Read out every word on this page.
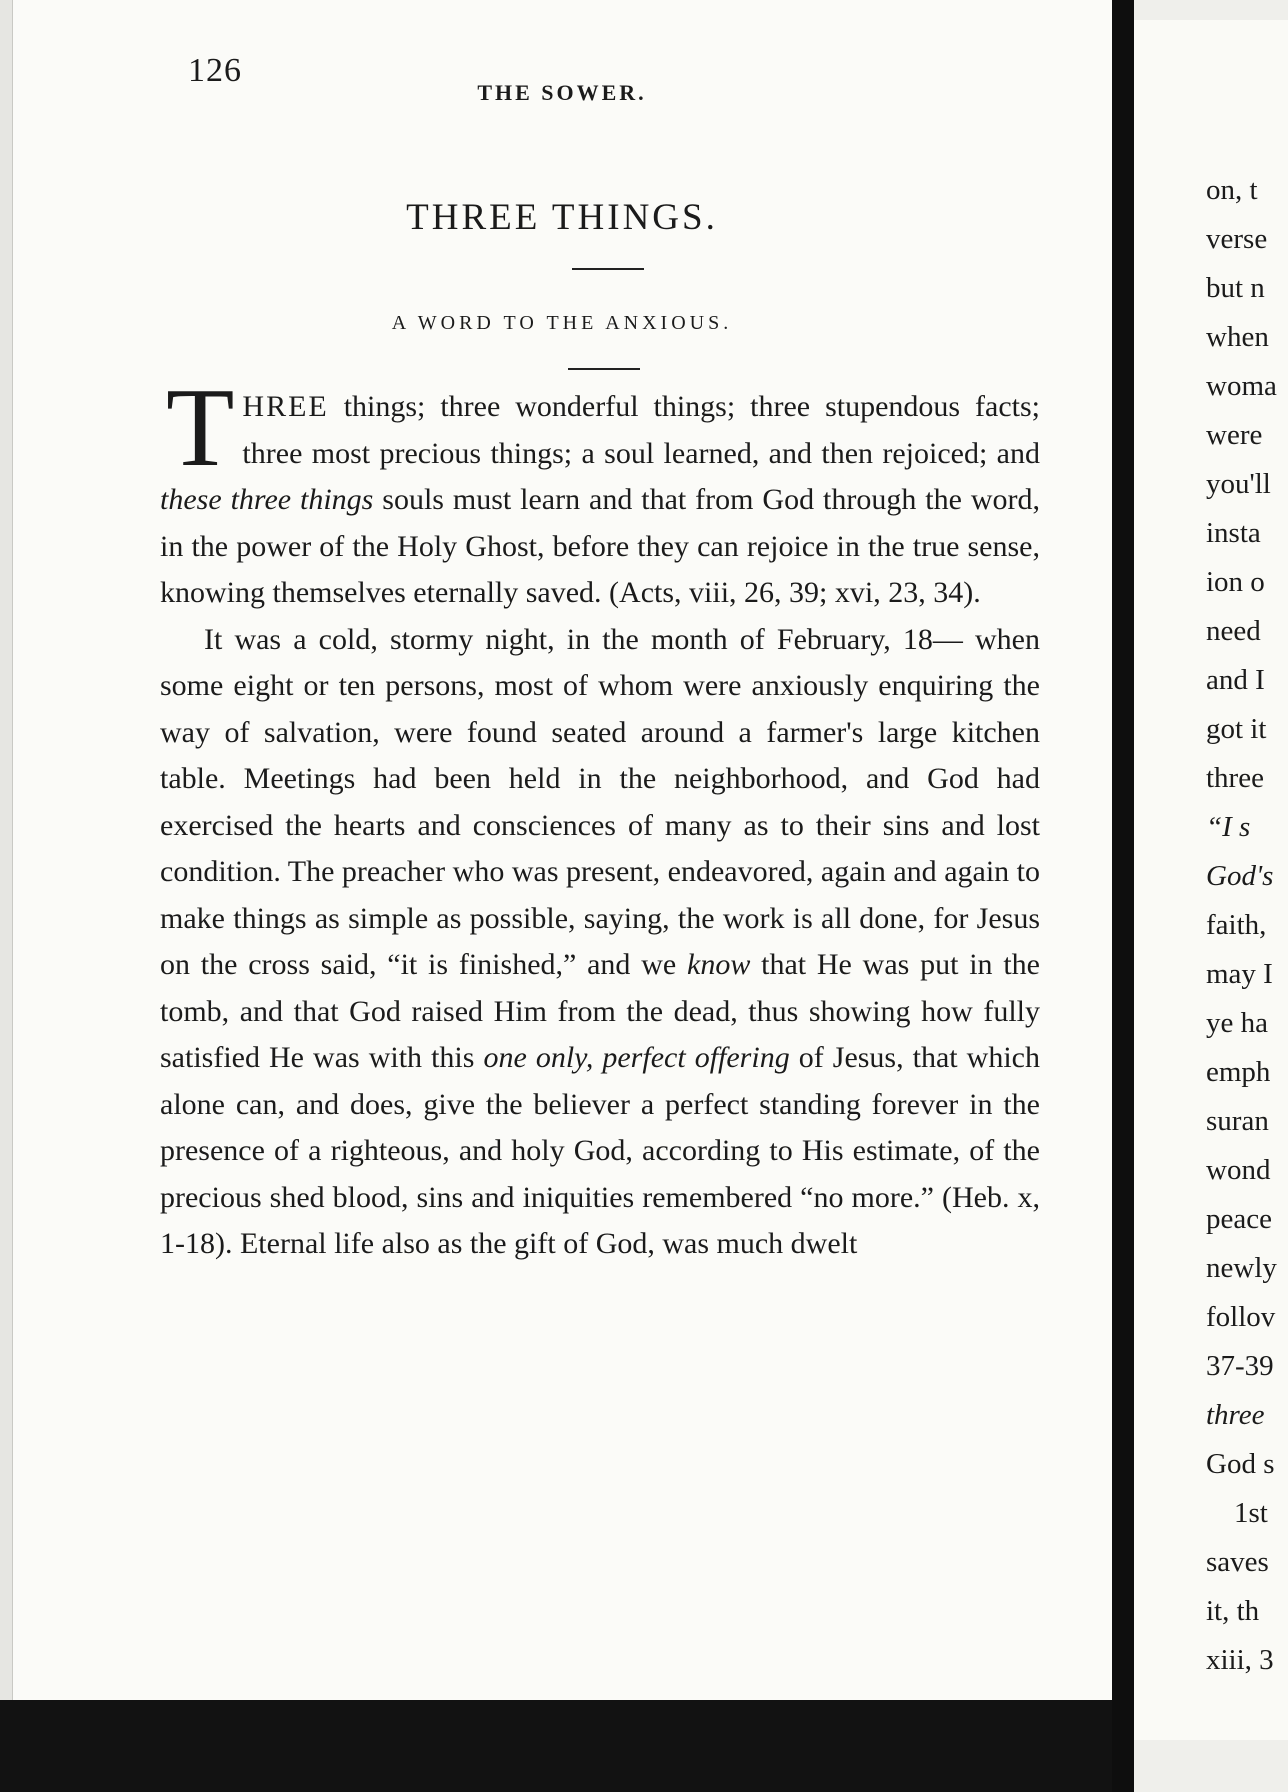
126
THE SOWER.
THREE THINGS.
A WORD TO THE ANXIOUS.

THREE things; three wonderful things; three stupendous facts; three most precious things; a soul learned, and then rejoiced; and these three things souls must learn and that from God through the word, in the power of the Holy Ghost, before they can rejoice in the true sense, knowing themselves eternally saved. (Acts, viii, 26, 39; xvi, 23, 34).

It was a cold, stormy night, in the month of February, 18— when some eight or ten persons, most of whom were anxiously enquiring the way of salvation, were found seated around a farmer's large kitchen table. Meetings had been held in the neighborhood, and God had exercised the hearts and consciences of many as to their sins and lost condition. The preacher who was present, endeavored, again and again to make things as simple as possible, saying, the work is all done, for Jesus on the cross said, “it is finished,” and we know that He was put in the tomb, and that God raised Him from the dead, thus showing how fully satisfied He was with this one only, perfect offering of Jesus, that which alone can, and does, give the believer a perfect standing forever in the presence of a righteous, and holy God, according to His estimate, of the precious shed blood, sins and iniquities remembered “no more.” (Heb. x, 1-18). Eternal life also as the gift of God, was much dwelt

on, t
verse
but n
when
woma
were
you'll
insta
ion o
need
and I
got it
three
“I s
God's
faith,
may I
ye ha
emph
suran
wond
peace
newly
follov
37-39
three
God s
1st
saves
it, th
xiii, 3
